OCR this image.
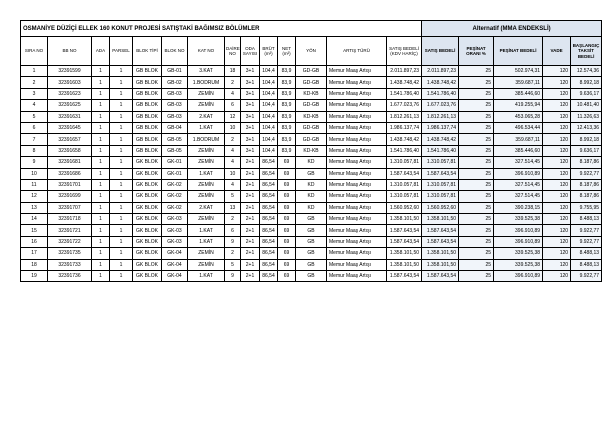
OSMANİYE DÜZİÇİ ELLEK 160 KONUT PROJESİ SATIŞTAKİ BAĞIMSIZ BÖLÜMLER														Alternatif (MMA ENDEKSLİ)				
SIRA NO	BB NO	ADA	PARSEL	BLOK TİPİ	BLOK NO	KAT NO	DAİRE NO	ODA SAYISI	BRÜT (m²)	NET (m²)	YÖN	ARTIŞ TÜRÜ	SATIŞ BEDELİ (KDV HARİÇ)	SATIŞ BEDELİ	PEŞİNAT ORANI %	PEŞİNAT BEDELİ	VADE	BAŞLANGIÇ TAKSİT BEDELİ
1	32391599	1	1	GB BLOK	GB-01	3.KAT	18	3+1	104,4	83,9	GD-GB	Memur Maaş Artışı	2.011.897,23	2.011.897,23	25	502.974,31	120	12.574,36
2	32391603	1	1	GB BLOK	GB-02	1.BODRUM	2	3+1	104,4	83,9	GD-GB	Memur Maaş Artışı	1.438.748,42	1.438.748,42	25	359.687,11	120	8.992,18
3	32391623	1	1	GB BLOK	GB-03	ZEMİN	4	3+1	104,4	83,9	KD-KB	Memur Maaş Artışı	1.541.786,40	1.541.786,40	25	385.446,60	120	9.636,17
4	32391625	1	1	GB BLOK	GB-03	ZEMİN	6	3+1	104,4	83,9	GD-GB	Memur Maaş Artışı	1.677.023,76	1.677.023,76	25	419.255,94	120	10.481,40
5	32391631	1	1	GB BLOK	GB-03	2.KAT	12	3+1	104,4	83,9	KD-KB	Memur Maaş Artışı	1.812.261,13	1.812.261,13	25	453.065,28	120	11.326,63
6	32391645	1	1	GB BLOK	GB-04	1.KAT	10	3+1	104,4	83,9	GD-GB	Memur Maaş Artışı	1.986.137,74	1.986.137,74	25	496.534,44	120	12.413,36
7	32391657	1	1	GB BLOK	GB-05	1.BODRUM	2	3+1	104,4	83,9	GD-GB	Memur Maaş Artışı	1.438.748,42	1.438.748,42	25	359.687,11	120	8.992,18
8	32391658	1	1	GB BLOK	GB-05	ZEMİN	4	3+1	104,4	83,9	KD-KB	Memur Maaş Artışı	1.541.786,40	1.541.786,40	25	385.446,60	120	9.636,17
9	32391681	1	1	GK BLOK	GK-01	ZEMİN	4	2+1	86,54	69	KD	Memur Maaş Artışı	1.310.057,81	1.310.057,81	25	327.514,45	120	8.187,86
10	32391686	1	1	GK BLOK	GK-01	1.KAT	10	2+1	86,54	69	GB	Memur Maaş Artışı	1.587.643,54	1.587.643,54	25	396.910,89	120	9.922,77
11	32391701	1	1	GK BLOK	GK-02	ZEMİN	4	2+1	86,54	69	KD	Memur Maaş Artışı	1.310.057,81	1.310.057,81	25	327.514,45	120	8.187,86
12	32391699	1	1	GK BLOK	GK-02	ZEMİN	5	2+1	86,54	69	KD	Memur Maaş Artışı	1.310.057,81	1.310.057,81	25	327.514,45	120	8.187,86
13	32391707	1	1	GK BLOK	GK-02	2.KAT	13	2+1	86,54	69	KD	Memur Maaş Artışı	1.560.952,60	1.560.952,60	25	390.238,15	120	9.755,95
14	32391718	1	1	GK BLOK	GK-03	ZEMİN	2	2+1	86,54	69	GB	Memur Maaş Artışı	1.358.101,50	1.358.101,50	25	339.525,38	120	8.488,13
15	32391721	1	1	GK BLOK	GK-03	1.KAT	6	2+1	86,54	69	GB	Memur Maaş Artışı	1.587.643,54	1.587.643,54	25	396.910,89	120	9.922,77
16	32391722	1	1	GK BLOK	GK-03	1.KAT	9	2+1	86,54	69	GB	Memur Maaş Artışı	1.587.643,54	1.587.643,54	25	396.910,89	120	9.922,77
17	32391735	1	1	GK BLOK	GK-04	ZEMİN	2	2+1	86,54	69	GB	Memur Maaş Artışı	1.358.101,50	1.358.101,50	25	339.525,38	120	8.488,13
18	32391733	1	1	GK BLOK	GK-04	ZEMİN	5	2+1	86,54	69	GB	Memur Maaş Artışı	1.358.101,50	1.358.101,50	25	339.525,38	120	8.488,13
19	32391736	1	1	GK BLOK	GK-04	1.KAT	9	2+1	86,54	69	GB	Memur Maaş Artışı	1.587.643,54	1.587.643,54	25	396.910,89	120	9.922,77
